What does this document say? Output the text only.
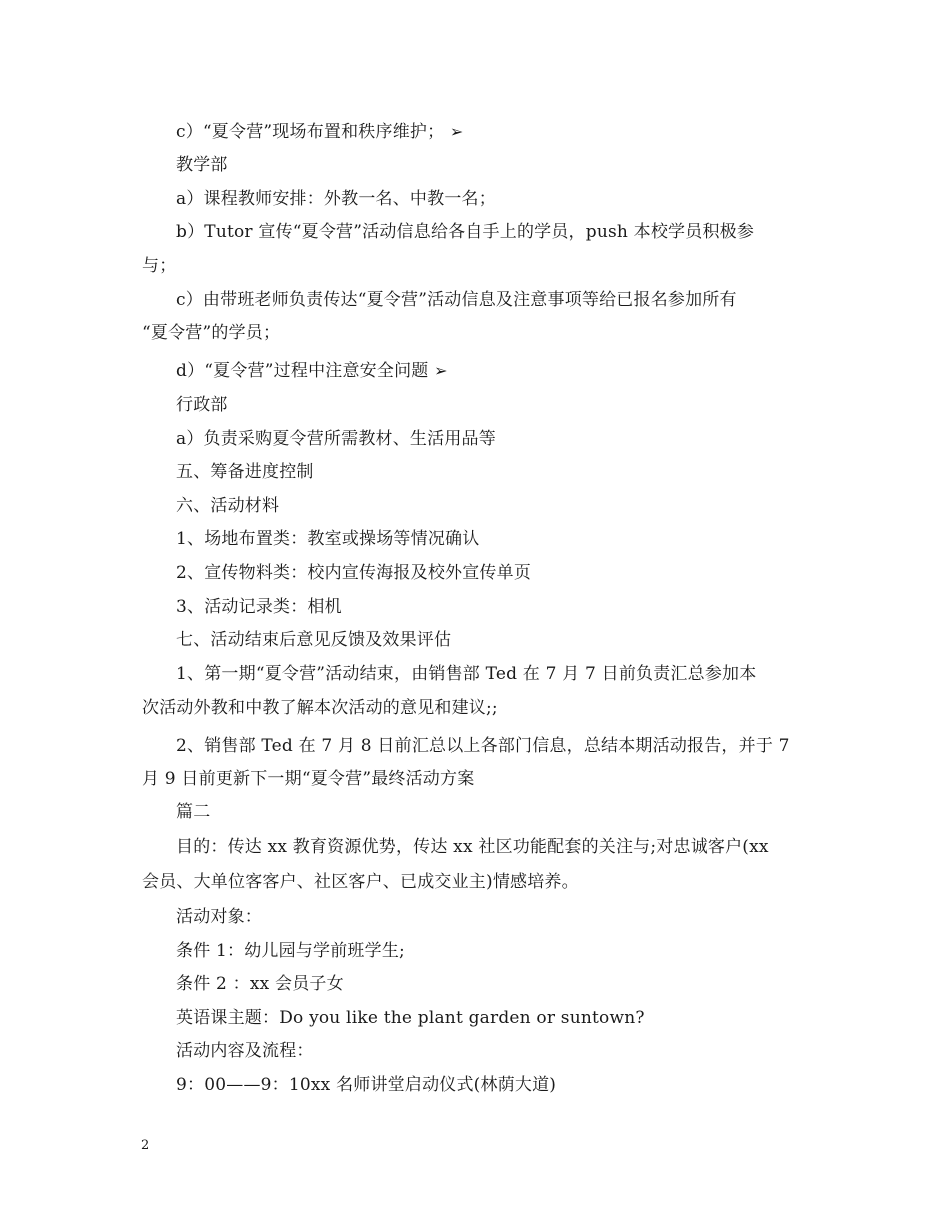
c）“夏令营”现场布置和秩序维护； ➢
教学部
a）课程教师安排：外教一名、中教一名；
b）Tutor 宣传“夏令营”活动信息给各自手上的学员，push 本校学员积极参
与；
c）由带班老师负责传达“夏令营”活动信息及注意事项等给已报名参加所有
“夏令营”的学员；
d）“夏令营”过程中注意安全问题 ➢
行政部
a）负责采购夏令营所需教材、生活用品等
五、筹备进度控制
六、活动材料
1、场地布置类：教室或操场等情况确认
2、宣传物料类：校内宣传海报及校外宣传单页
3、活动记录类：相机
七、活动结束后意见反馈及效果评估
1、第一期“夏令营”活动结束，由销售部 Ted 在 7 月 7 日前负责汇总参加本
次活动外教和中教了解本次活动的意见和建议;;
2、销售部 Ted 在 7 月 8 日前汇总以上各部门信息，总结本期活动报告，并于 7
月 9 日前更新下一期“夏令营”最终活动方案
篇二
目的：传达 xx 教育资源优势，传达 xx 社区功能配套的关注与;对忠诚客户(xx
会员、大单位客客户、社区客户、已成交业主)情感培养。
活动对象：
条件 1：幼儿园与学前班学生;
条件 2 ：xx 会员子女
英语课主题：Do you like the plant garden or suntown?
活动内容及流程：
9：00——9：10xx 名师讲堂启动仪式(林荫大道)
2
